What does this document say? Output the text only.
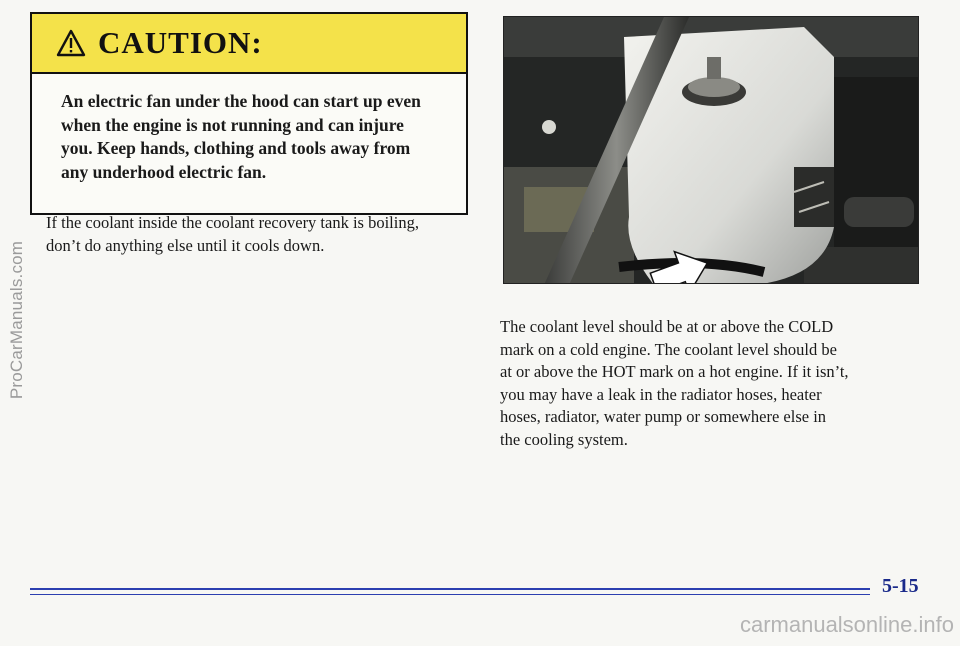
ProCarManuals.com
CAUTION:
An electric fan under the hood can start up even
when the engine is not running and can injure
you. Keep hands, clothing and tools away from
any underhood electric fan.
If the coolant inside the coolant recovery tank is boiling,
don’t do anything else until it cools down.
The coolant level should be at or above the COLD
mark on a cold engine. The coolant level should be
at or above the HOT mark on a hot engine. If it isn’t,
you may have a leak in the radiator hoses, heater
hoses, radiator, water pump or somewhere else in
the cooling system.
5-15
carmanualsonline.info
